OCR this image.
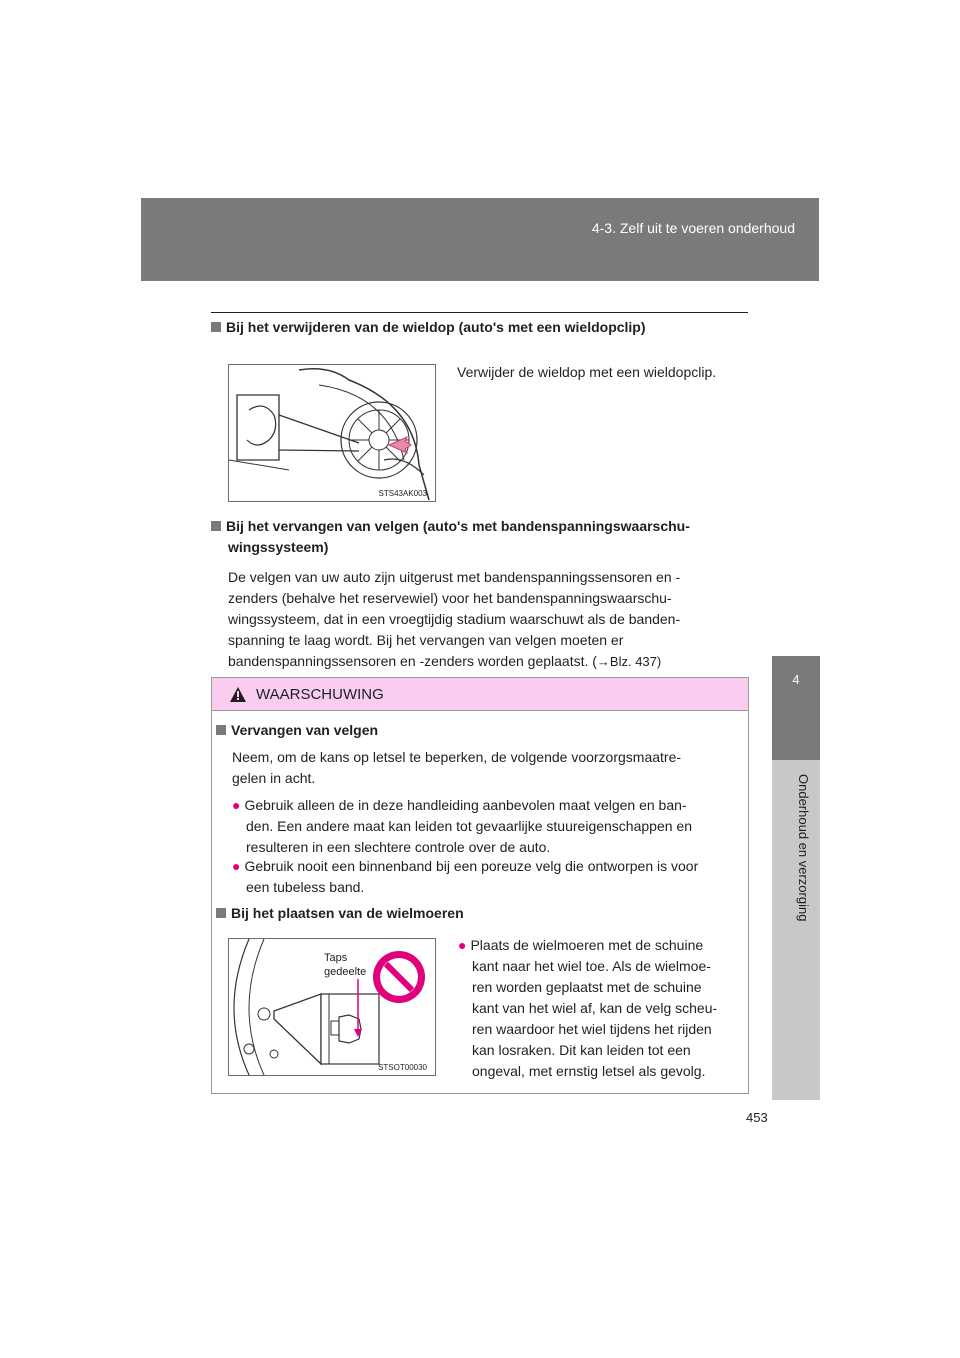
4-3. Zelf uit te voeren onderhoud
4
Onderhoud en verzorging
Bij het verwijderen van de wieldop (auto's met een wieldopclip)
STS43AK003
Verwijder de wieldop met een wieldopclip.
Bij het vervangen van velgen (auto's met bandenspanningswaarschu-
wingssysteem)
De velgen van uw auto zijn uitgerust met bandenspanningssensoren en -
zenders (behalve het reservewiel) voor het bandenspanningswaarschu-
wingssysteem, dat in een vroegtijdig stadium waarschuwt als de banden-
spanning te laag wordt. Bij het vervangen van velgen moeten er
bandenspanningssensoren en -zenders worden geplaatst. (→Blz. 437)
WAARSCHUWING
Vervangen van velgen
Neem, om de kans op letsel te beperken, de volgende voorzorgsmaatre-
gelen in acht.
● Gebruik alleen de in deze handleiding aanbevolen maat velgen en ban-
den. Een andere maat kan leiden tot gevaarlijke stuureigenschappen en
resulteren in een slechtere controle over de auto.
● Gebruik nooit een binnenband bij een poreuze velg die ontworpen is voor
een tubeless band.
Bij het plaatsen van de wielmoeren
Taps
gedeelte
STSOT00030
● Plaats de wielmoeren met de schuine
kant naar het wiel toe. Als de wielmoe-
ren worden geplaatst met de schuine
kant van het wiel af, kan de velg scheu-
ren waardoor het wiel tijdens het rijden
kan losraken. Dit kan leiden tot een
ongeval, met ernstig letsel als gevolg.
453
